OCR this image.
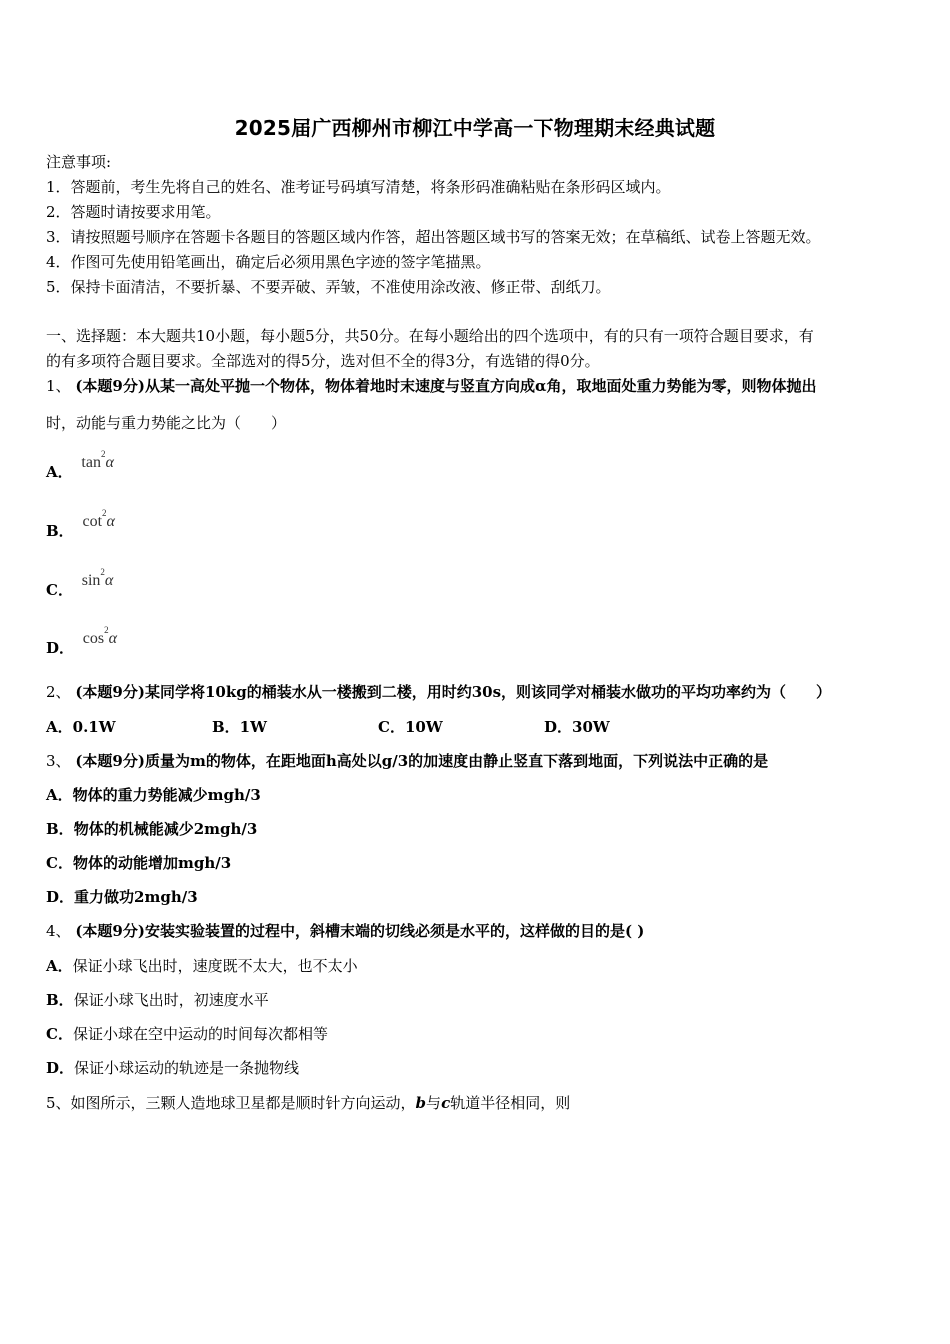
2025届广西柳州市柳江中学高一下物理期末经典试题
注意事项:
1．答题前，考生先将自己的姓名、准考证号码填写清楚，将条形码准确粘贴在条形码区域内。
2．答题时请按要求用笔。
3．请按照题号顺序在答题卡各题目的答题区域内作答，超出答题区域书写的答案无效；在草稿纸、试卷上答题无效。
4．作图可先使用铅笔画出，确定后必须用黑色字迹的签字笔描黑。
5．保持卡面清洁，不要折暴、不要弄破、弄皱，不准使用涂改液、修正带、刮纸刀。
一、选择题：本大题共10小题，每小题5分，共50分。在每小题给出的四个选项中，有的只有一项符合题目要求，有
的有多项符合题目要求。全部选对的得5分，选对但不全的得3分，有选错的得0分。
1、 (本题9分)从某一高处平抛一个物体，物体着地时末速度与竖直方向成α角，取地面处重力势能为零，则物体抛出
时，动能与重力势能之比为（　　）
A． $\tan^2\alpha$
B． $\cot^2\alpha$
C． $\sin^2\alpha$
D． $\cos^2\alpha$
2、 (本题9分)某同学将10kg的桶装水从一楼搬到二楼，用时约30s，则该同学对桶装水做功的平均功率约为（　　）
A．0.1W	B．1W	C．10W	D．30W
3、 (本题9分)质量为m的物体，在距地面h高处以g/3的加速度由静止竖直下落到地面，下列说法中正确的是
A．物体的重力势能减少mgh/3
B．物体的机械能减少2mgh/3
C．物体的动能增加mgh/3
D．重力做功2mgh/3
4、 (本题9分)安装实验装置的过程中，斜槽末端的切线必须是水平的，这样做的目的是( )
A．保证小球飞出时，速度既不太大，也不太小
B．保证小球飞出时，初速度水平
C．保证小球在空中运动的时间每次都相等
D．保证小球运动的轨迹是一条抛物线
5、如图所示，三颗人造地球卫星都是顺时针方向运动，b与c轨道半径相同，则
